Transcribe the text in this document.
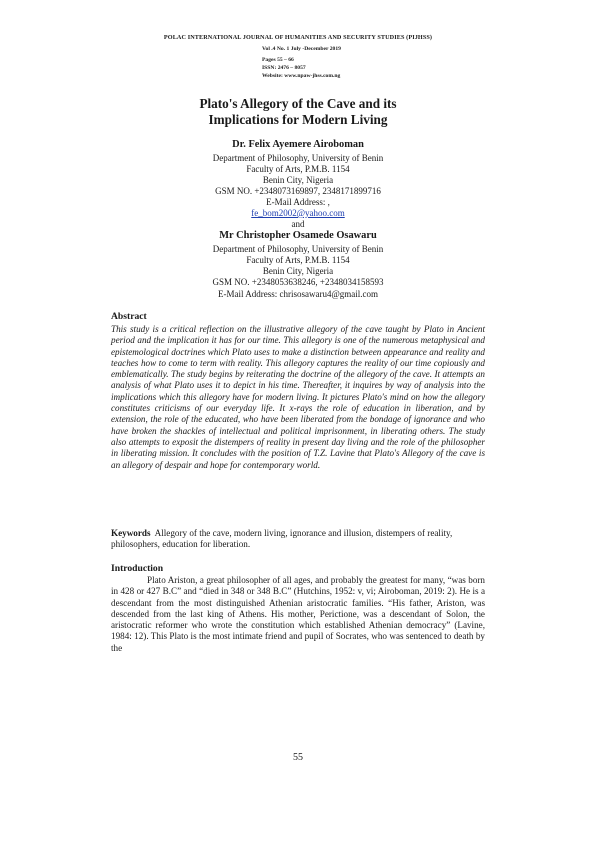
POLAC INTERNATIONAL JOURNAL OF HUMANITIES AND SECURITY STUDIES (PIJHSS)
Vol .4 No. 1 July -December 2019
Pages 55 – 66
ISSN: 2476 – 8057
Website: www.npaw-jhss.com.ng
Plato's Allegory of the Cave and its
Implications for Modern Living
Dr. Felix Ayemere Airoboman
Department of Philosophy, University of Benin
Faculty of Arts, P.M.B. 1154
Benin City, Nigeria
GSM NO. +2348073169897, 2348171899716
E-Mail Address: ,
fe_bom2002@yahoo.com
and
Mr Christopher Osamede Osawaru
Department of Philosophy, University of Benin
Faculty of Arts, P.M.B. 1154
Benin City, Nigeria
GSM NO. +2348053638246, +2348034158593
E-Mail Address: chrisosawaru4@gmail.com
Abstract
This study is a critical reflection on the illustrative allegory of the cave taught by Plato in Ancient period and the implication it has for our time. This allegory is one of the numerous metaphysical and epistemological doctrines which Plato uses to make a distinction between appearance and reality and teaches how to come to term with reality. This allegory captures the reality of our time copiously and emblematically. The study begins by reiterating the doctrine of the allegory of the cave. It attempts an analysis of what Plato uses it to depict in his time. Thereafter, it inquires by way of analysis into the implications which this allegory have for modern living. It pictures Plato's mind on how the allegory constitutes criticisms of our everyday life. It x-rays the role of education in liberation, and by extension, the role of the educated, who have been liberated from the bondage of ignorance and who have broken the shackles of intellectual and political imprisonment, in liberating others. The study also attempts to exposit the distempers of reality in present day living and the role of the philosopher in liberating mission. It concludes with the position of T.Z. Lavine that Plato's Allegory of the cave is an allegory of despair and hope for contemporary world.
Keywords Allegory of the cave, modern living, ignorance and illusion, distempers of reality, philosophers, education for liberation.
Introduction
Plato Ariston, a great philosopher of all ages, and probably the greatest for many, “was born in 428 or 427 B.C” and “died in 348 or 348 B.C” (Hutchins, 1952: v, vi; Airoboman, 2019: 2). He is a descendant from the most distinguished Athenian aristocratic families. “His father, Ariston, was descended from the last king of Athens. His mother, Perictione, was a descendant of Solon, the aristocratic reformer who wrote the constitution which established Athenian democracy” (Lavine, 1984: 12). This Plato is the most intimate friend and pupil of Socrates, who was sentenced to death by the
55
